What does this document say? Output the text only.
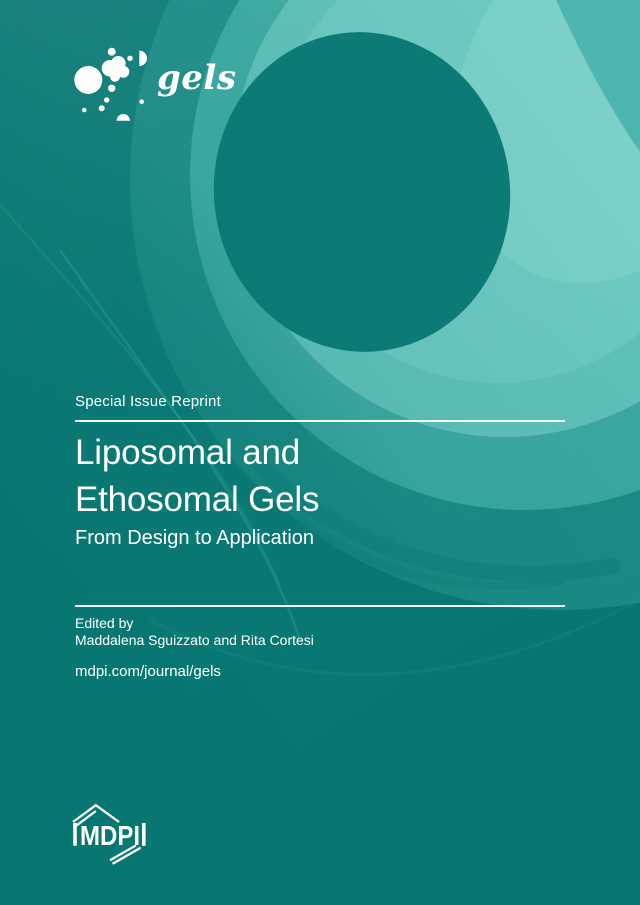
gels
Special Issue Reprint
Liposomal and
Ethosomal Gels
From Design to Application
Edited by
Maddalena Sguizzato and Rita Cortesi
mdpi.com/journal/gels
MDPI
